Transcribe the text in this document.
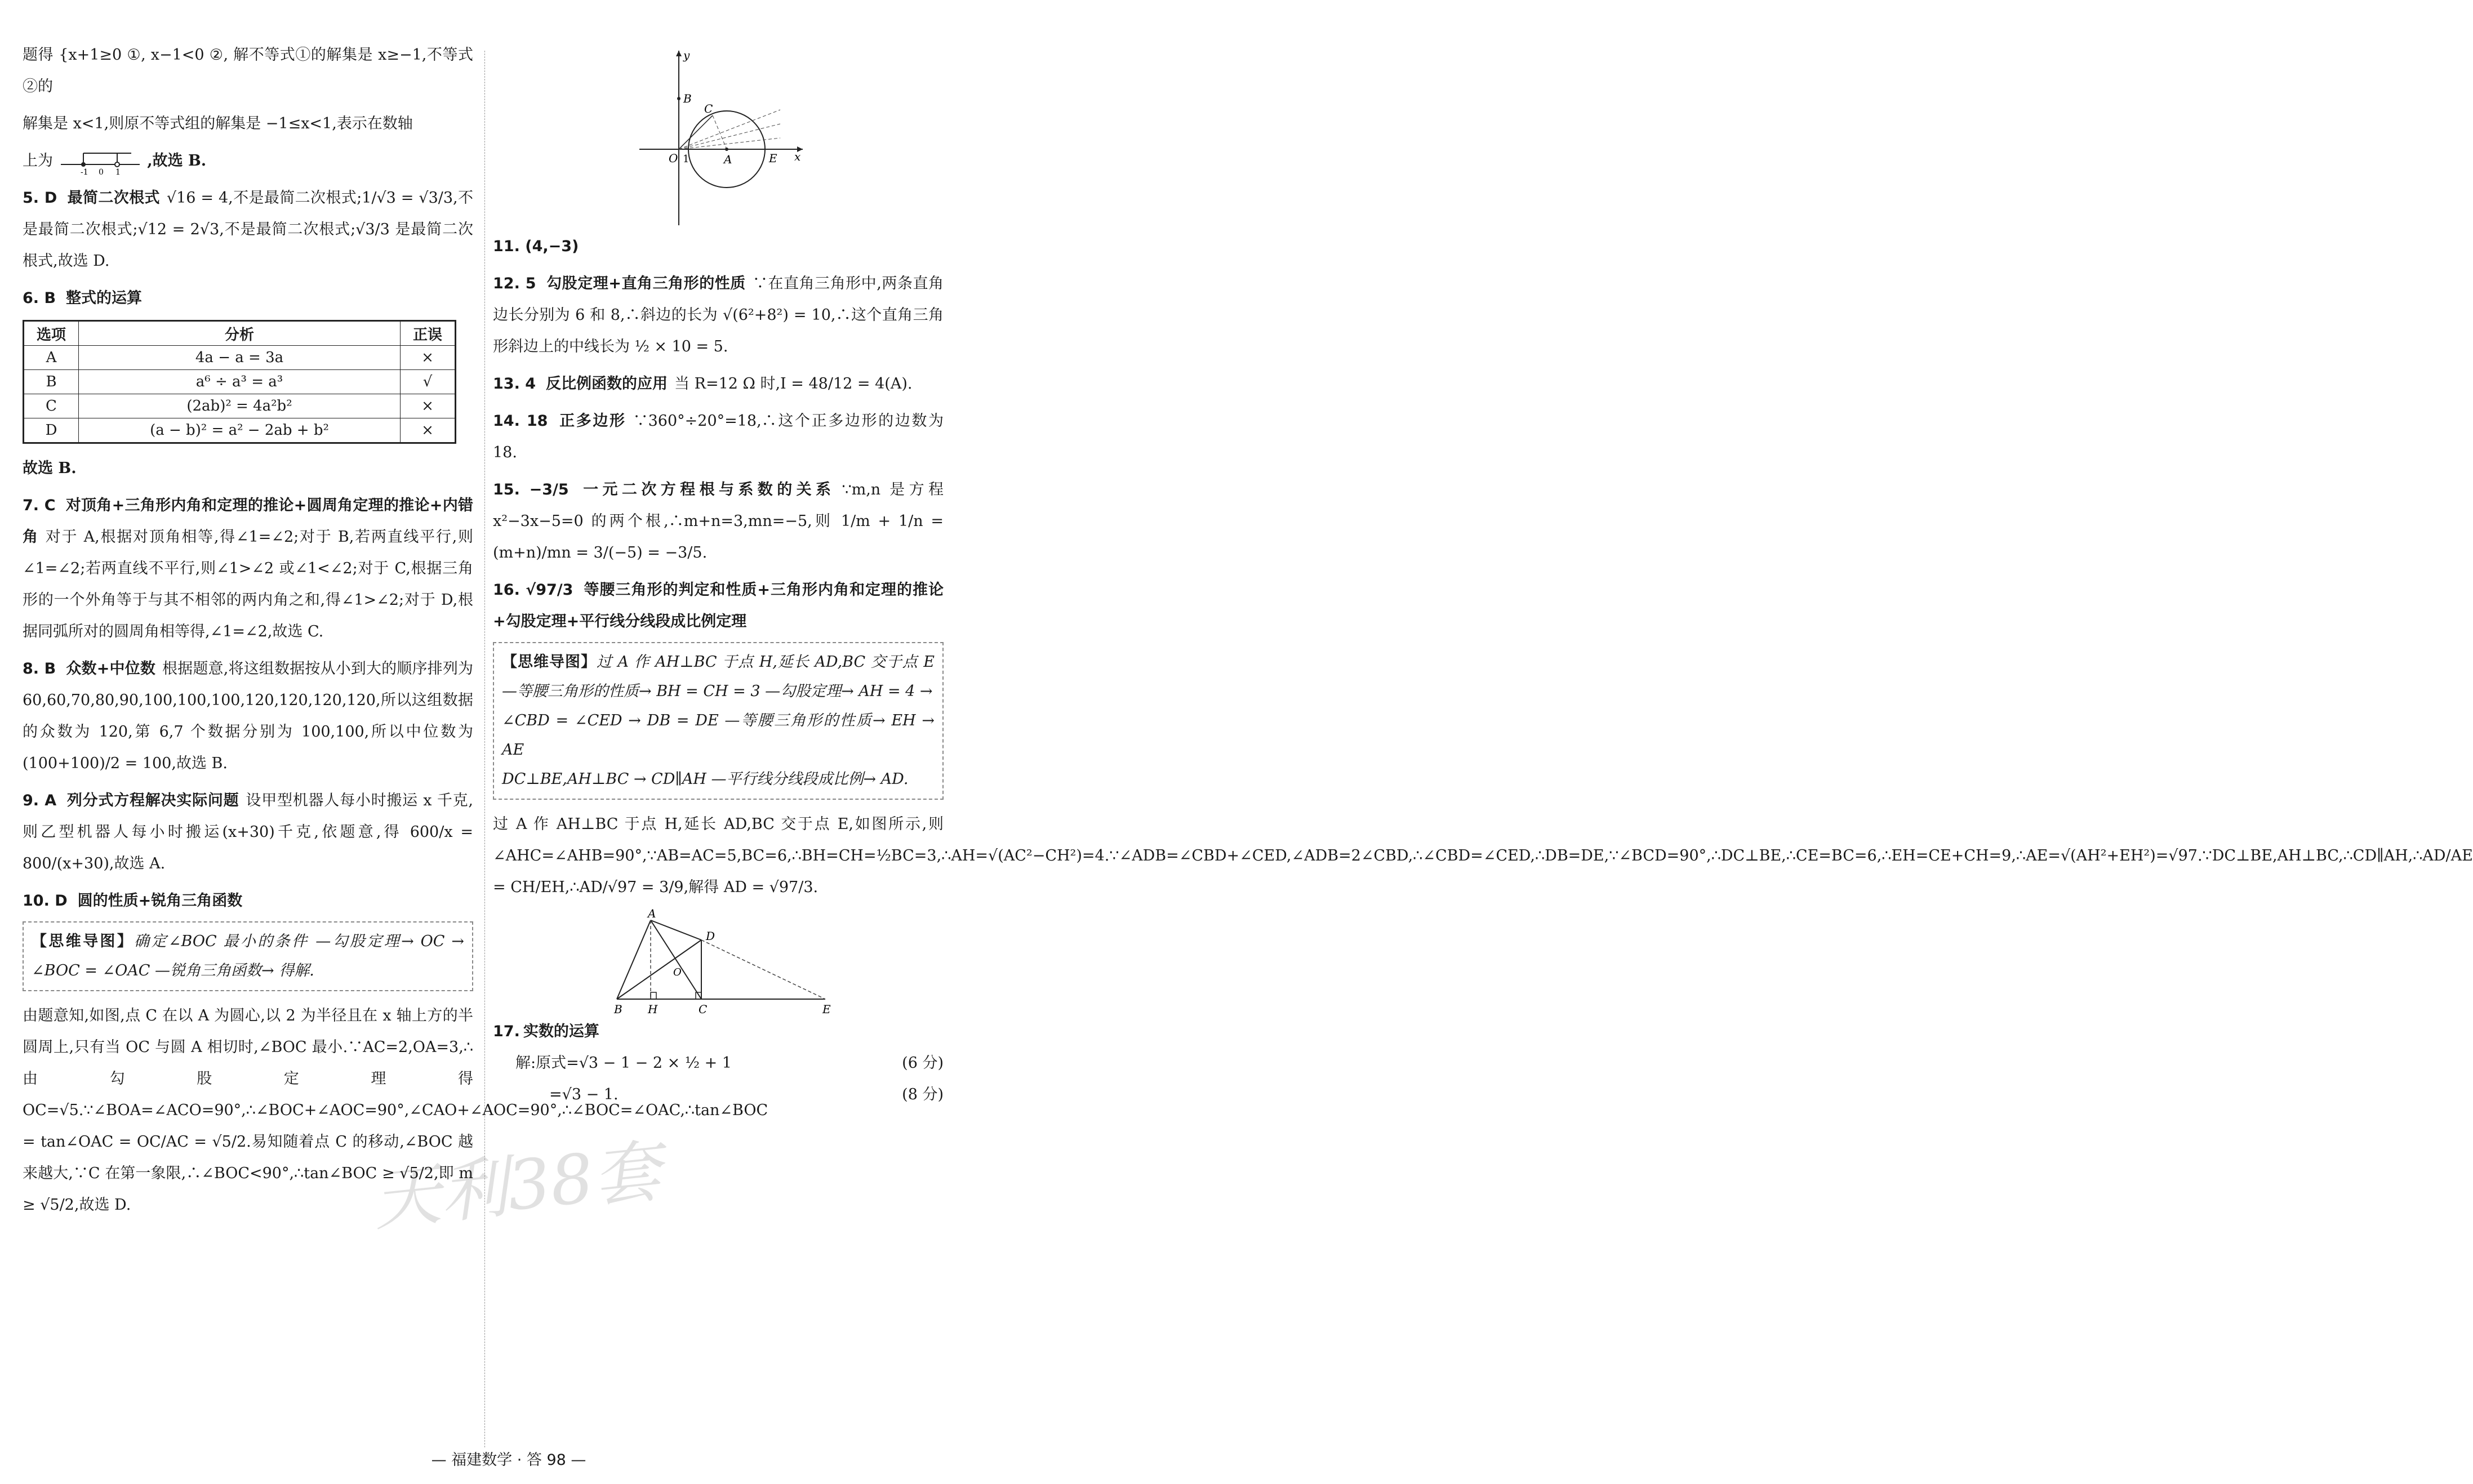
天利38套

题得 {x+1≥0 ①, x−1<0 ②, 解不等式①的解集是 x≥−1,不等式②的

解集是 x<1,则原不等式组的解集是 −1≤x<1,表示在数轴

上为
-1 0 1
,故选 B.

5. D 最简二次根式 √16 = 4,不是最简二次根式;1/√3 = √3/3,不是最简二次根式;√12 = 2√3,不是最简二次根式;√3/3 是最简二次根式,故选 D.

6. B 整式的运算

选项	分析	正误
A	4a − a = 3a	×
B	a⁶ ÷ a³ = a³	√
C	(2ab)² = 4a²b²	×
D	(a − b)² = a² − 2ab + b²	×

故选 B.

7. C 对顶角+三角形内角和定理的推论+圆周角定理的推论+内错角 对于 A,根据对顶角相等,得∠1=∠2;对于 B,若两直线平行,则∠1=∠2;若两直线不平行,则∠1>∠2 或∠1<∠2;对于 C,根据三角形的一个外角等于与其不相邻的两内角之和,得∠1>∠2;对于 D,根据同弧所对的圆周角相等得,∠1=∠2,故选 C.

8. B 众数+中位数 根据题意,将这组数据按从小到大的顺序排列为 60,60,70,80,90,100,100,100,120,120,120,120,所以这组数据的众数为 120,第 6,7 个数据分别为 100,100,所以中位数为 (100+100)/2 = 100,故选 B.

9. A 列分式方程解决实际问题 设甲型机器人每小时搬运 x 千克,则乙型机器人每小时搬运(x+30)千克,依题意,得 600/x = 800/(x+30),故选 A.

10. D 圆的性质+锐角三角函数

【思维导图】确定∠BOC 最小的条件 —勾股定理→ OC → ∠BOC = ∠OAC —锐角三角函数→ 得解.

由题意知,如图,点 C 在以 A 为圆心,以 2 为半径且在 x 轴上方的半圆周上,只有当 OC 与圆 A 相切时,∠BOC 最小.∵AC=2,OA=3,∴由勾股定理得 OC=√5.∵∠BOA=∠ACO=90°,∴∠BOC+∠AOC=90°,∠CAO+∠AOC=90°,∴∠BOC=∠OAC,∴tan∠BOC = tan∠OAC = OC/AC = √5/2.易知随着点 C 的移动,∠BOC 越来越大,∵C 在第一象限,∴∠BOC<90°,∴tan∠BOC ≥ √5/2,即 m ≥ √5/2,故选 D.

y
x
B
C
O 1	A	E

11. (4,−3)

12. 5 勾股定理+直角三角形的性质 ∵在直角三角形中,两条直角边长分别为 6 和 8,∴斜边的长为 √(6²+8²) = 10,∴这个直角三角形斜边上的中线长为 ½ × 10 = 5.

13. 4 反比例函数的应用 当 R=12 Ω 时,I = 48/12 = 4(A).

14. 18 正多边形 ∵360°÷20°=18,∴这个正多边形的边数为 18.

15. −3/5 一元二次方程根与系数的关系 ∵m,n 是方程 x²−3x−5=0 的两个根,∴m+n=3,mn=−5,则 1/m + 1/n = (m+n)/mn = 3/(−5) = −3/5.

16. √97/3 等腰三角形的判定和性质+三角形内角和定理的推论+勾股定理+平行线分线段成比例定理

【思维导图】过 A 作 AH⊥BC 于点 H,延长 AD,BC 交于点 E —等腰三角形的性质→ BH = CH = 3 —勾股定理→ AH = 4 →

∠CBD = ∠CED → DB = DE —等腰三角形的性质→ EH → AE

DC⊥BE,AH⊥BC → CD∥AH —平行线分线段成比例→ AD.

过 A 作 AH⊥BC 于点 H,延长 AD,BC 交于点 E,如图所示,则∠AHC=∠AHB=90°,∵AB=AC=5,BC=6,∴BH=CH=½BC=3,∴AH=√(AC²−CH²)=4.∵∠ADB=∠CBD+∠CED,∠ADB=2∠CBD,∴∠CBD=∠CED,∴DB=DE,∵∠BCD=90°,∴DC⊥BE,∴CE=BC=6,∴EH=CE+CH=9,∴AE=√(AH²+EH²)=√97.∵DC⊥BE,AH⊥BC,∴CD∥AH,∴AD/AE = CH/EH,∴AD/√97 = 3/9,解得 AD = √97/3.

A
D
O
B H	C	E

17. 实数的运算

解:原式=√3 − 1 − 2 × ½ + 1	(6 分)

=√3 − 1.	(8 分)

— 福建数学 · 答 98 —
